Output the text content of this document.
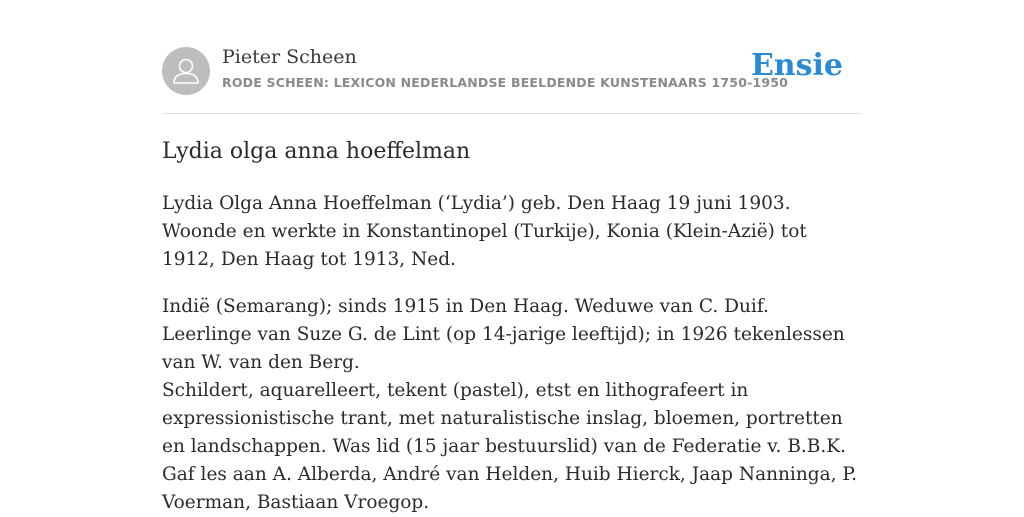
Pieter Scheen
RODE SCHEEN: LEXICON NEDERLANDSE BEELDENDE KUNSTENAARS 1750-1950
Ensie
Lydia olga anna hoeffelman

Lydia Olga Anna Hoeffelman (‘Lydia’) geb. Den Haag 19 juni 1903. Woonde en werkte in Konstantinopel (Turkije), Konia (Klein-Azië) tot 1912, Den Haag tot 1913, Ned.

Indië (Semarang); sinds 1915 in Den Haag. Weduwe van C. Duif. Leerlinge van Suze G. de Lint (op 14-jarige leeftijd); in 1926 tekenlessen van W. van den Berg.

Schildert, aquarelleert, tekent (pastel), etst en lithografeert in expressionistische trant, met naturalistische inslag, bloemen, portretten en landschappen. Was lid (15 jaar bestuurslid) van de Federatie v. B.B.K. Gaf les aan A. Alberda, André van Helden, Huib Hierck, Jaap Nanninga, P. Voerman, Bastiaan Vroegop.
